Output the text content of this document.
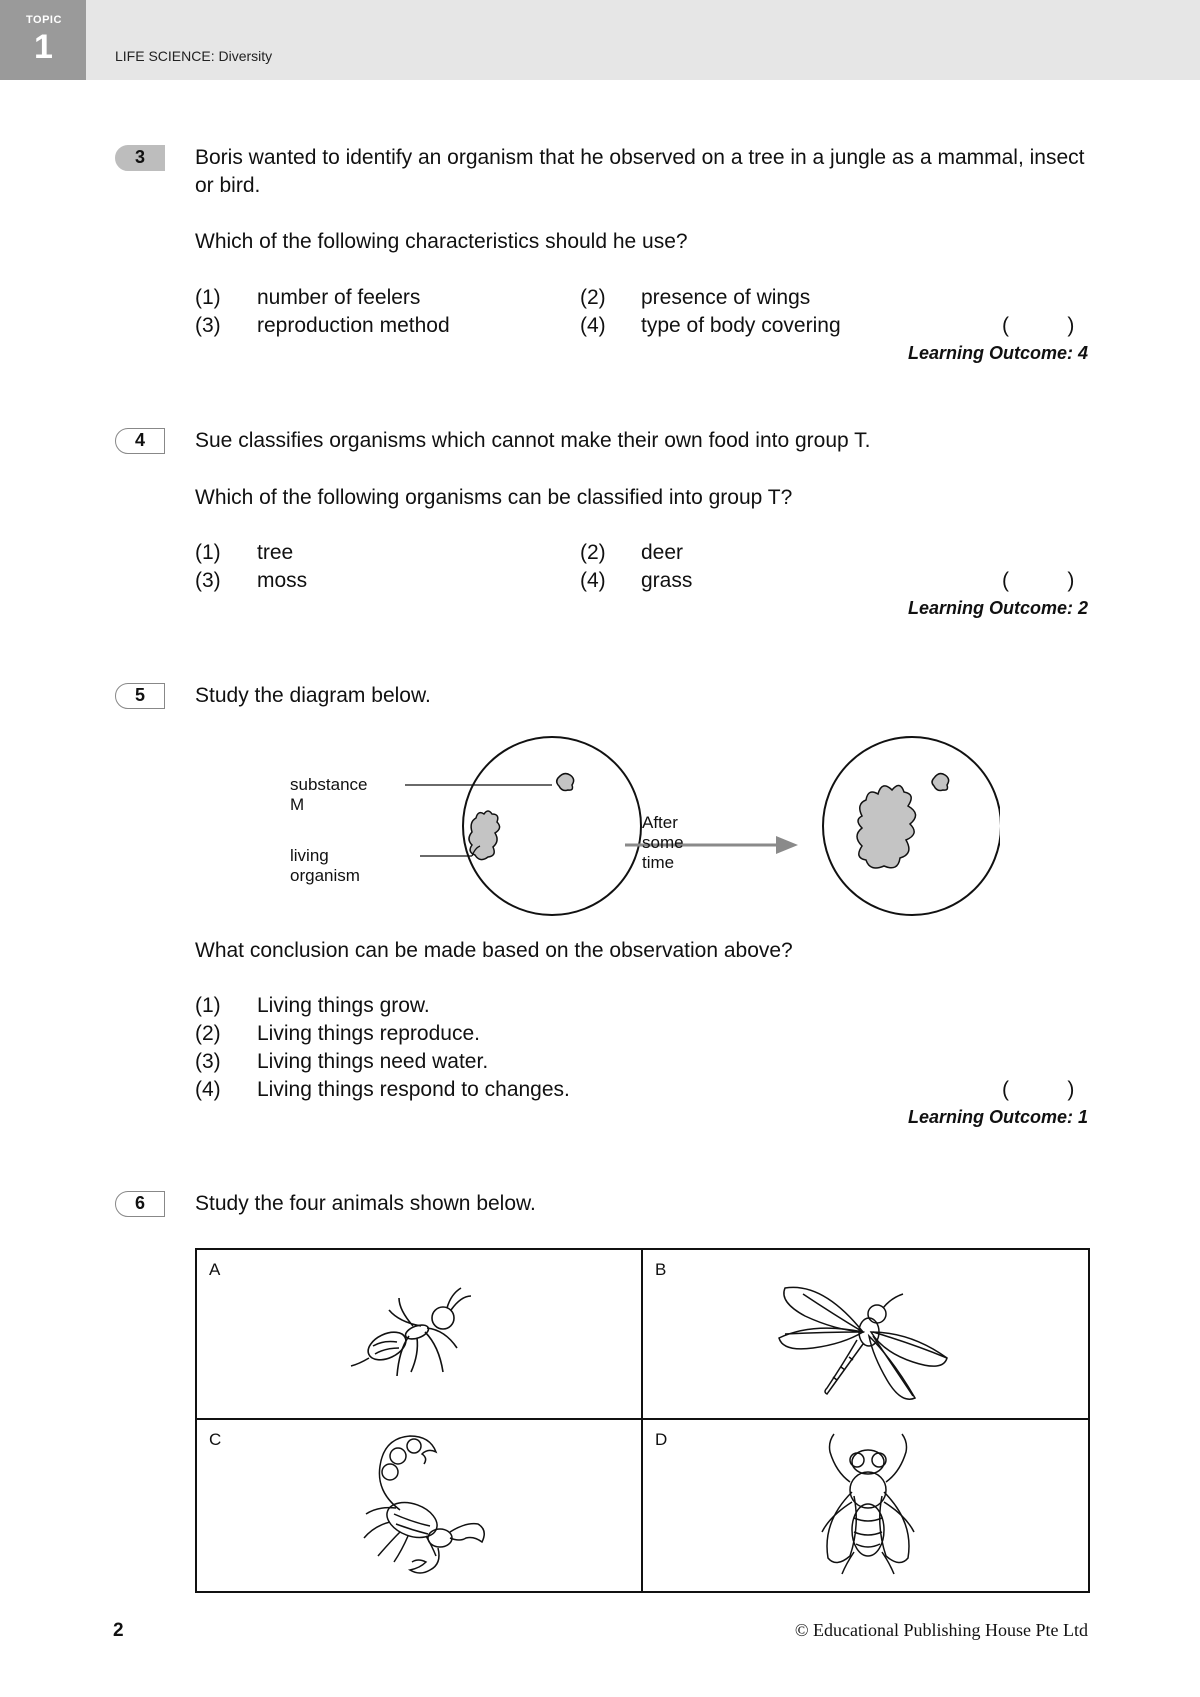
TOPIC
1	LIFE SCIENCE: Diversity
3	Boris wanted to identify an organism that he observed on a tree in a jungle as a mammal, insect or bird.
Which of the following characteristics should he use?
(1) number of feelers	(2) presence of wings
(3) reproduction method	(4) type of body covering	(          )
Learning Outcome: 4
4	Sue classifies organisms which cannot make their own food into group T.
Which of the following organisms can be classified into group T?
(1) tree	(2) deer
(3) moss	(4) grass	(          )
Learning Outcome: 2
5	Study the diagram below.
substance M
living organism
After some time
What conclusion can be made based on the observation above?
(1) Living things grow.
(2) Living things reproduce.
(3) Living things need water.
(4) Living things respond to changes.	(          )
Learning Outcome: 1
6	Study the four animals shown below.
A	B
C	D
2	© Educational Publishing House Pte Ltd
